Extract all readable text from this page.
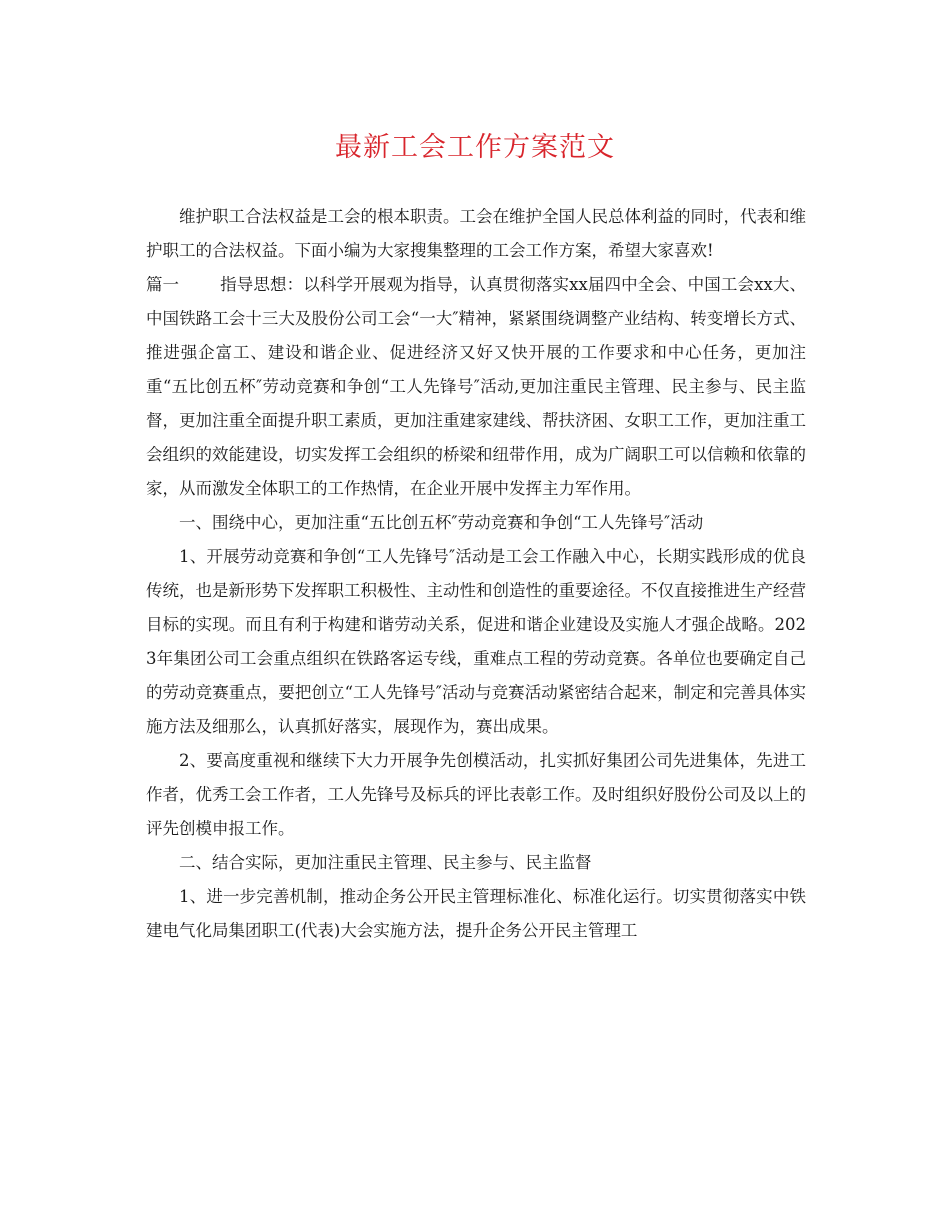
最新工会工作方案范文

维护职工合法权益是工会的根本职责。工会在维护全国人民总体利益的同时，代表和维护职工的合法权益。下面小编为大家搜集整理的工会工作方案，希望大家喜欢!

篇一 指导思想：以科学开展观为指导，认真贯彻落实xx届四中全会、中国工会xx大、中国铁路工会十三大及股份公司工会“一大″精神，紧紧围绕调整产业结构、转变增长方式、推进强企富工、建设和谐企业、促进经济又好又快开展的工作要求和中心任务，更加注重“五比创五杯″劳动竞赛和争创“工人先锋号″活动,更加注重民主管理、民主参与、民主监督，更加注重全面提升职工素质，更加注重建家建线、帮扶济困、女职工工作，更加注重工会组织的效能建设，切实发挥工会组织的桥梁和纽带作用，成为广阔职工可以信赖和依靠的家，从而激发全体职工的工作热情，在企业开展中发挥主力军作用。

一、围绕中心，更加注重“五比创五杯″劳动竞赛和争创“工人先锋号″活动

1、开展劳动竞赛和争创“工人先锋号″活动是工会工作融入中心，长期实践形成的优良传统，也是新形势下发挥职工积极性、主动性和创造性的重要途径。不仅直接推进生产经营目标的实现。而且有利于构建和谐劳动关系，促进和谐企业建设及实施人才强企战略。2023年集团公司工会重点组织在铁路客运专线，重难点工程的劳动竞赛。各单位也要确定自己的劳动竞赛重点，要把创立“工人先锋号″活动与竞赛活动紧密结合起来，制定和完善具体实施方法及细那么，认真抓好落实，展现作为，赛出成果。

2、要高度重视和继续下大力开展争先创模活动，扎实抓好集团公司先进集体，先进工作者，优秀工会工作者，工人先锋号及标兵的评比表彰工作。及时组织好股份公司及以上的评先创模申报工作。

二、结合实际，更加注重民主管理、民主参与、民主监督

1、进一步完善机制，推动企务公开民主管理标准化、标准化运行。切实贯彻落实中铁建电气化局集团职工(代表)大会实施方法，提升企务公开民主管理工
